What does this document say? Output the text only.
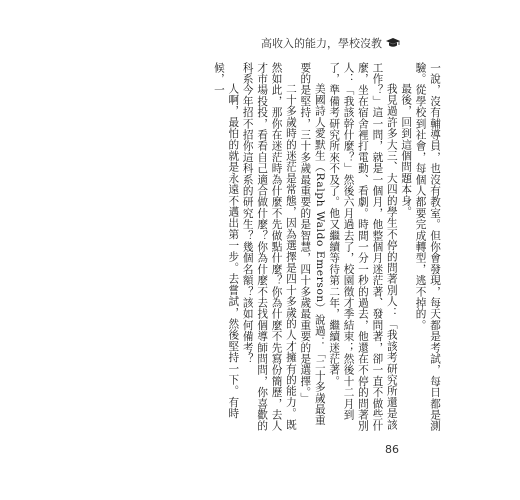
高收入的能力，學校沒教

一說，沒有輔導員，也沒有教室。但你會發現，每天都是考試，每日都是測驗。從學校到社會，每個人都要完成轉型，逃不掉的。

最後，回到這個問題本身。

我見過許多大三、大四的學生不停的問著別人：「我該考研究所還是該工作？」這一問，就是一個月，他整個月迷茫著、發問著，卻一直不做些什麼，坐在宿舍裡打電動、看劇。時間一分一秒的過去，他還在不停的問著別人：「我該幹什麼？」然後六月過去了，校園徵才季結束；然後十二月到了，準備考研究所來不及了。他又繼續等待第二年，繼續迷茫著。

美國詩人愛默生（Ralph Waldo Emerson）說過：「二十多歲最重要的是堅持，三十多歲最重要的是智慧，四十多歲最重要的是選擇。」

二十多歲時的迷茫是常態，因為選擇是四十多歲的人才擁有的能力。既然如此，那你在迷茫時為什麼不先做點什麼？你為什麼不先寫份簡歷，去人才市場投投，看看自己適合做什麼？你為什麼不去找個導師問問，你喜歡的科系今年招不招你這科系的研究生？幾個名額？該如何備考？

人啊，最怕的就是永遠不邁出第一步。去嘗試，然後堅持一下。有時候，一

86
